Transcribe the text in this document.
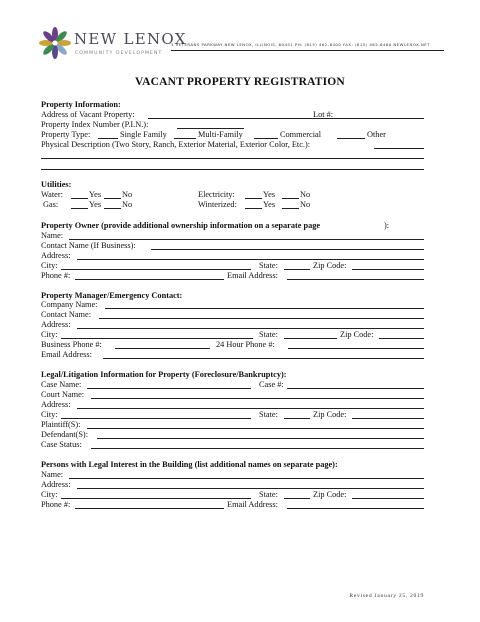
NEW LENOX
COMMUNITY DEVELOPMENT
1 VETERANS PARKWAY NEW LENOX, ILLINOIS, 60451 PH: (815) 462-6400 FAX: (815) 462-6460 NEWLENOX.NET
VACANT PROPERTY REGISTRATION
Property Information:
Address of Vacant Property:	Lot #:
Property Index Number (P.I.N.):
Property Type:	Single Family	Multi-Family	Commercial	Other
Physical Description (Two Story, Ranch, Exterior Material, Exterior Color, Etc.):
Utilities:
Water:	Yes	No	Electricity:	Yes	No
Gas:	Yes	No	Winterized:	Yes	No
Property Owner (provide additional ownership information on a separate page	):
Name:
Contact Name (If Business):
Address:
City:	State:	Zip Code:
Phone #:	Email Address:
Property Manager/Emergency Contact:
Company Name:
Contact Name:
Address:
City:	State:	Zip Code:
Business Phone #:	24 Hour Phone #:
Email Address:
Legal/Litigation Information for Property (Foreclosure/Bankruptcy):
Case Name:	Case #:
Court Name:
Address:
City:	State:	Zip Code:
Plaintiff(S):
Defendant(S):
Case Status:
Persons with Legal Interest in the Building (list additional names on separate page):
Name:
Address:
City:	State:	Zip Code:
Phone #:	Email Address:
Revised January 25, 2019
